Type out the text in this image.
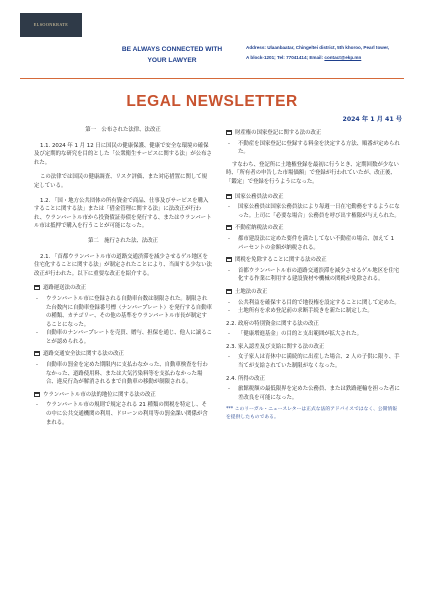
ELSOONKRATE
BE ALWAYS CONNECTED WITH
YOUR LAWYER
Address: Ulaanbaatar, Chingeltei district, 5th khoroo, Pearl tower,
A block-1201; Tel: 77041414; Email: contact@ekp.mn
LEGAL NEWSLETTER
2024 年 1 月 41 号
第一　公布された法律、法改正
1.1. 2024 年 1 月 12 日に国民の健康保護、健康で安全な環境の確保及び定期的な研究を目的とした「公衆衛生サービスに関する法」が公布された。
この法律では国民の健康調査、リスク評価、また対応措置に関して規定している。
1.2. 「国・地方公共団体の所有資金で商品、仕事及びサービスを購入することに関する法」または「借金管理に関する法」に法改正が行われ、ウランバートル市から投資債証券債を発行する、またはウランバートル市は抵押で購入を行うことが可能になった。
第二　施行された法、法改正
2.1. 「首都ウランバートル市の道路交通渋滞を減少させるゲル地区を住宅化することに関する法」が制定されたことにより、当面する少ない法改正が行われた。以下に重要な改正を紹介する。
道路運送法の改正
- ウランバートル市に登録される自動車台数は制限された。制限された台数内に自動車登録番号標（ナンバープレート）を発行する自動車の種類、カテゴリー、その他の基準をウランバートル市長が制定することになった。
- 自動車のナンバープレートを売買、贈与、担保を通じ、他人に譲ることが認められる。
道路交通安全法に関する法の改正
- 自動車の罰金を定めた期限内に支払わなかった、自動車検査を行わなかった、道路使用料、または大気汚染料等を支払わなかった場合、違反行為が解消されるまで自動車の移動が制限される。
ウランバートル市の法的地位に関する法の改正
- ウランバートル市の規則で規定される 21 種類の関税を特定し、その中に公共交通機関の利用、ドローンの利用等の罰金課い関係が含まれる。
財産権の国家登記に関する法の改正
- 不動産を国家登記に登録する料金を決定する方法、順番が定められた。
すなわち、登記所に土地権登録を最初に行うとき、定期回数が少ない時、「所有者の申告した市場価額」で登録が行われていたが、改正後、「鑑定」で登録を行うようになった。
国家公務員法の改正
- 国家公務員は国家公務員法により毎週一日在宅勤務をするようになった。上司に「必要な場合」公務員を呼び出す権限が与えられた。
不動産納税法の改正
- 都市建設法に定めた要件を満たしてない不動産の場合、加えて 1 パーセントの金額が納税される。
関税を免除することに関する法の改正
- 首都ウランバートル市の道路交通渋滞を減少させるゲル地区を住宅化する作業に利用する建設資材や機械の関税が免除される。
土地法の改正
- 公共利益を確保する目的で地役権を設定することに関して定めた。
- 土地所有を求め登記前の求断手続きを新たに制定した。
2.2. 政府の特別資金に関する法の改正
- 「健康増進基金」の目的と支出範囲が拡大された。
2.3. 家入認差及び支給に関する法の改正
- 女子家人は育休中に満続的に出産した場合、2 人の子供に限り、手当てが支給されていた制限がなくなった。
2.4. 所得の改正
- 旅館税額の最低限界を定めた公務員、または鉄路運輸を担った者に差改良を可能になった。
*** このリーガル・ニュースレターは正式な法的アドバイスではなく、公開情報を提供したものである。
